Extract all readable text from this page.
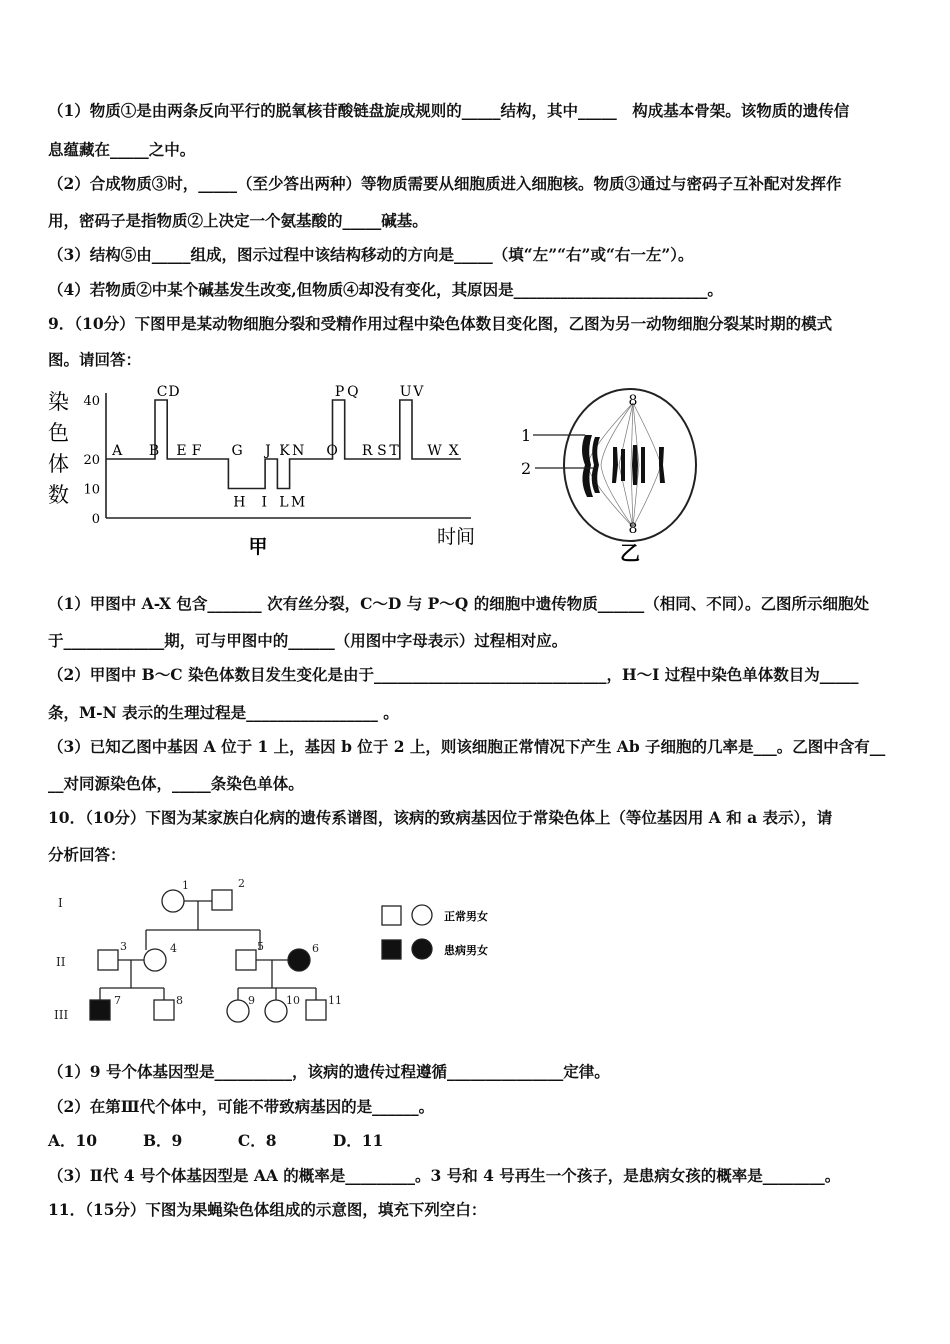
（1）物质①是由两条反向平行的脱氧核苷酸链盘旋成规则的_____结构，其中_____　构成基本骨架。该物质的遗传信
息蕴藏在_____之中。
（2）合成物质③时，_____（至少答出两种）等物质需要从细胞质进入细胞核。物质③通过与密码子互补配对发挥作
用，密码子是指物质②上决定一个氨基酸的_____碱基。
（3）结构⑤由_____组成，图示过程中该结构移动的方向是_____（填“左”“右”或“右一左”）。
（4）若物质②中某个碱基发生改变,但物质④却没有变化，其原因是_________________________。
9．（10分）下图甲是某动物细胞分裂和受精作用过程中染色体数目变化图，乙图为另一动物细胞分裂某时期的模式
图。请回答：
染
色
体
数
0
10
20
40
A B
C D
E F G J K N O
P Q
R S T
U V
W X
H I L M
时间
甲
8
8
1
2
乙
（1）甲图中 A-X 包含_______ 次有丝分裂，C～D 与 P～Q 的细胞中遗传物质______（相同、不同）。乙图所示细胞处
于_____________期，可与甲图中的______（用图中字母表示）过程相对应。
（2）甲图中 B～C 染色体数目发生变化是由于______________________________，H～I 过程中染色单体数目为_____
条，M-N 表示的生理过程是_________________ 。
（3）已知乙图中基因 A 位于 1 上，基因 b 位于 2 上，则该细胞正常情况下产生 Ab 子细胞的几率是___。乙图中含有__
__对同源染色体，_____条染色单体。
10．（10分）下图为某家族白化病的遗传系谱图，该病的致病基因位于常染色体上（等位基因用 A 和 a 表示），请
分析回答：
I
II
III
1	2
3	4	5	6
7	8	9	10	11
正常男女
患病男女
（1）9 号个体基因型是__________，该病的遗传过程遵循_______________定律。
（2）在第Ⅲ代个体中，可能不带致病基因的是______。
A．10	B．9	C．8	D．11
（3）Ⅱ代 4 号个体基因型是 AA 的概率是_________。3 号和 4 号再生一个孩子，是患病女孩的概率是________。
11．（15分）下图为果蝇染色体组成的示意图，填充下列空白：
